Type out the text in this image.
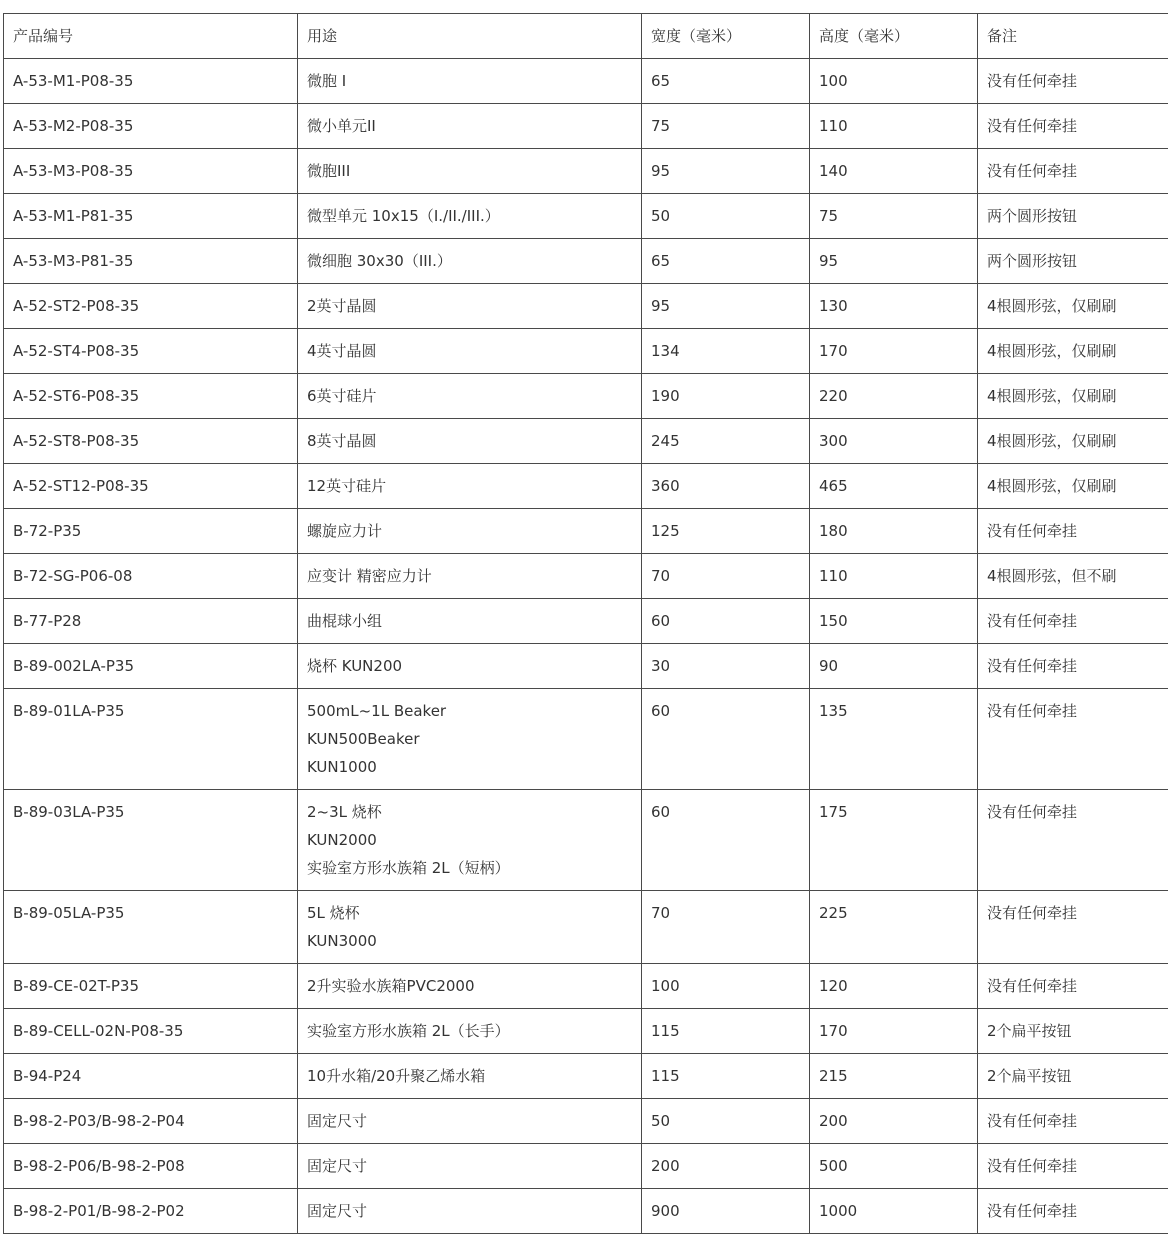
产品编号	用途	宽度（毫米）	高度（毫米）	备注

A-53-M1-P08-35	微胞 I	65	100	没有任何牵挂

A-53-M2-P08-35	微小单元II	75	110	没有任何牵挂

A-53-M3-P08-35	微胞III	95	140	没有任何牵挂

A-53-M1-P81-35	微型单元 10x15（I./II./III.）	50	75	两个圆形按钮

A-53-M3-P81-35	微细胞 30x30（III.）	65	95	两个圆形按钮

A-52-ST2-P08-35	2英寸晶圆	95	130	4根圆形弦，仅刷刷

A-52-ST4-P08-35	4英寸晶圆	134	170	4根圆形弦，仅刷刷

A-52-ST6-P08-35	6英寸硅片	190	220	4根圆形弦，仅刷刷

A-52-ST8-P08-35	8英寸晶圆	245	300	4根圆形弦，仅刷刷

A-52-ST12-P08-35	12英寸硅片	360	465	4根圆形弦，仅刷刷

B-72-P35	螺旋应力计	125	180	没有任何牵挂

B-72-SG-P06-08	应变计 精密应力计	70	110	4根圆形弦，但不刷

B-77-P28	曲棍球小组	60	150	没有任何牵挂

B-89-002LA-P35	烧杯 KUN200	30	90	没有任何牵挂

B-89-01LA-P35	500mL~1L Beaker
KUN500Beaker
KUN1000	60	135	没有任何牵挂

B-89-03LA-P35	2~3L 烧杯
KUN2000
实验室方形水族箱 2L（短柄）	60	175	没有任何牵挂

B-89-05LA-P35	5L 烧杯
KUN3000	70	225	没有任何牵挂

B-89-CE-02T-P35	2升实验水族箱PVC2000	100	120	没有任何牵挂

B-89-CELL-02N-P08-35	实验室方形水族箱 2L（长手）	115	170	2个扁平按钮

B-94-P24	10升水箱/20升聚乙烯水箱	115	215	2个扁平按钮

B-98-2-P03/B-98-2-P04	固定尺寸	50	200	没有任何牵挂

B-98-2-P06/B-98-2-P08	固定尺寸	200	500	没有任何牵挂

B-98-2-P01/B-98-2-P02	固定尺寸	900	1000	没有任何牵挂
